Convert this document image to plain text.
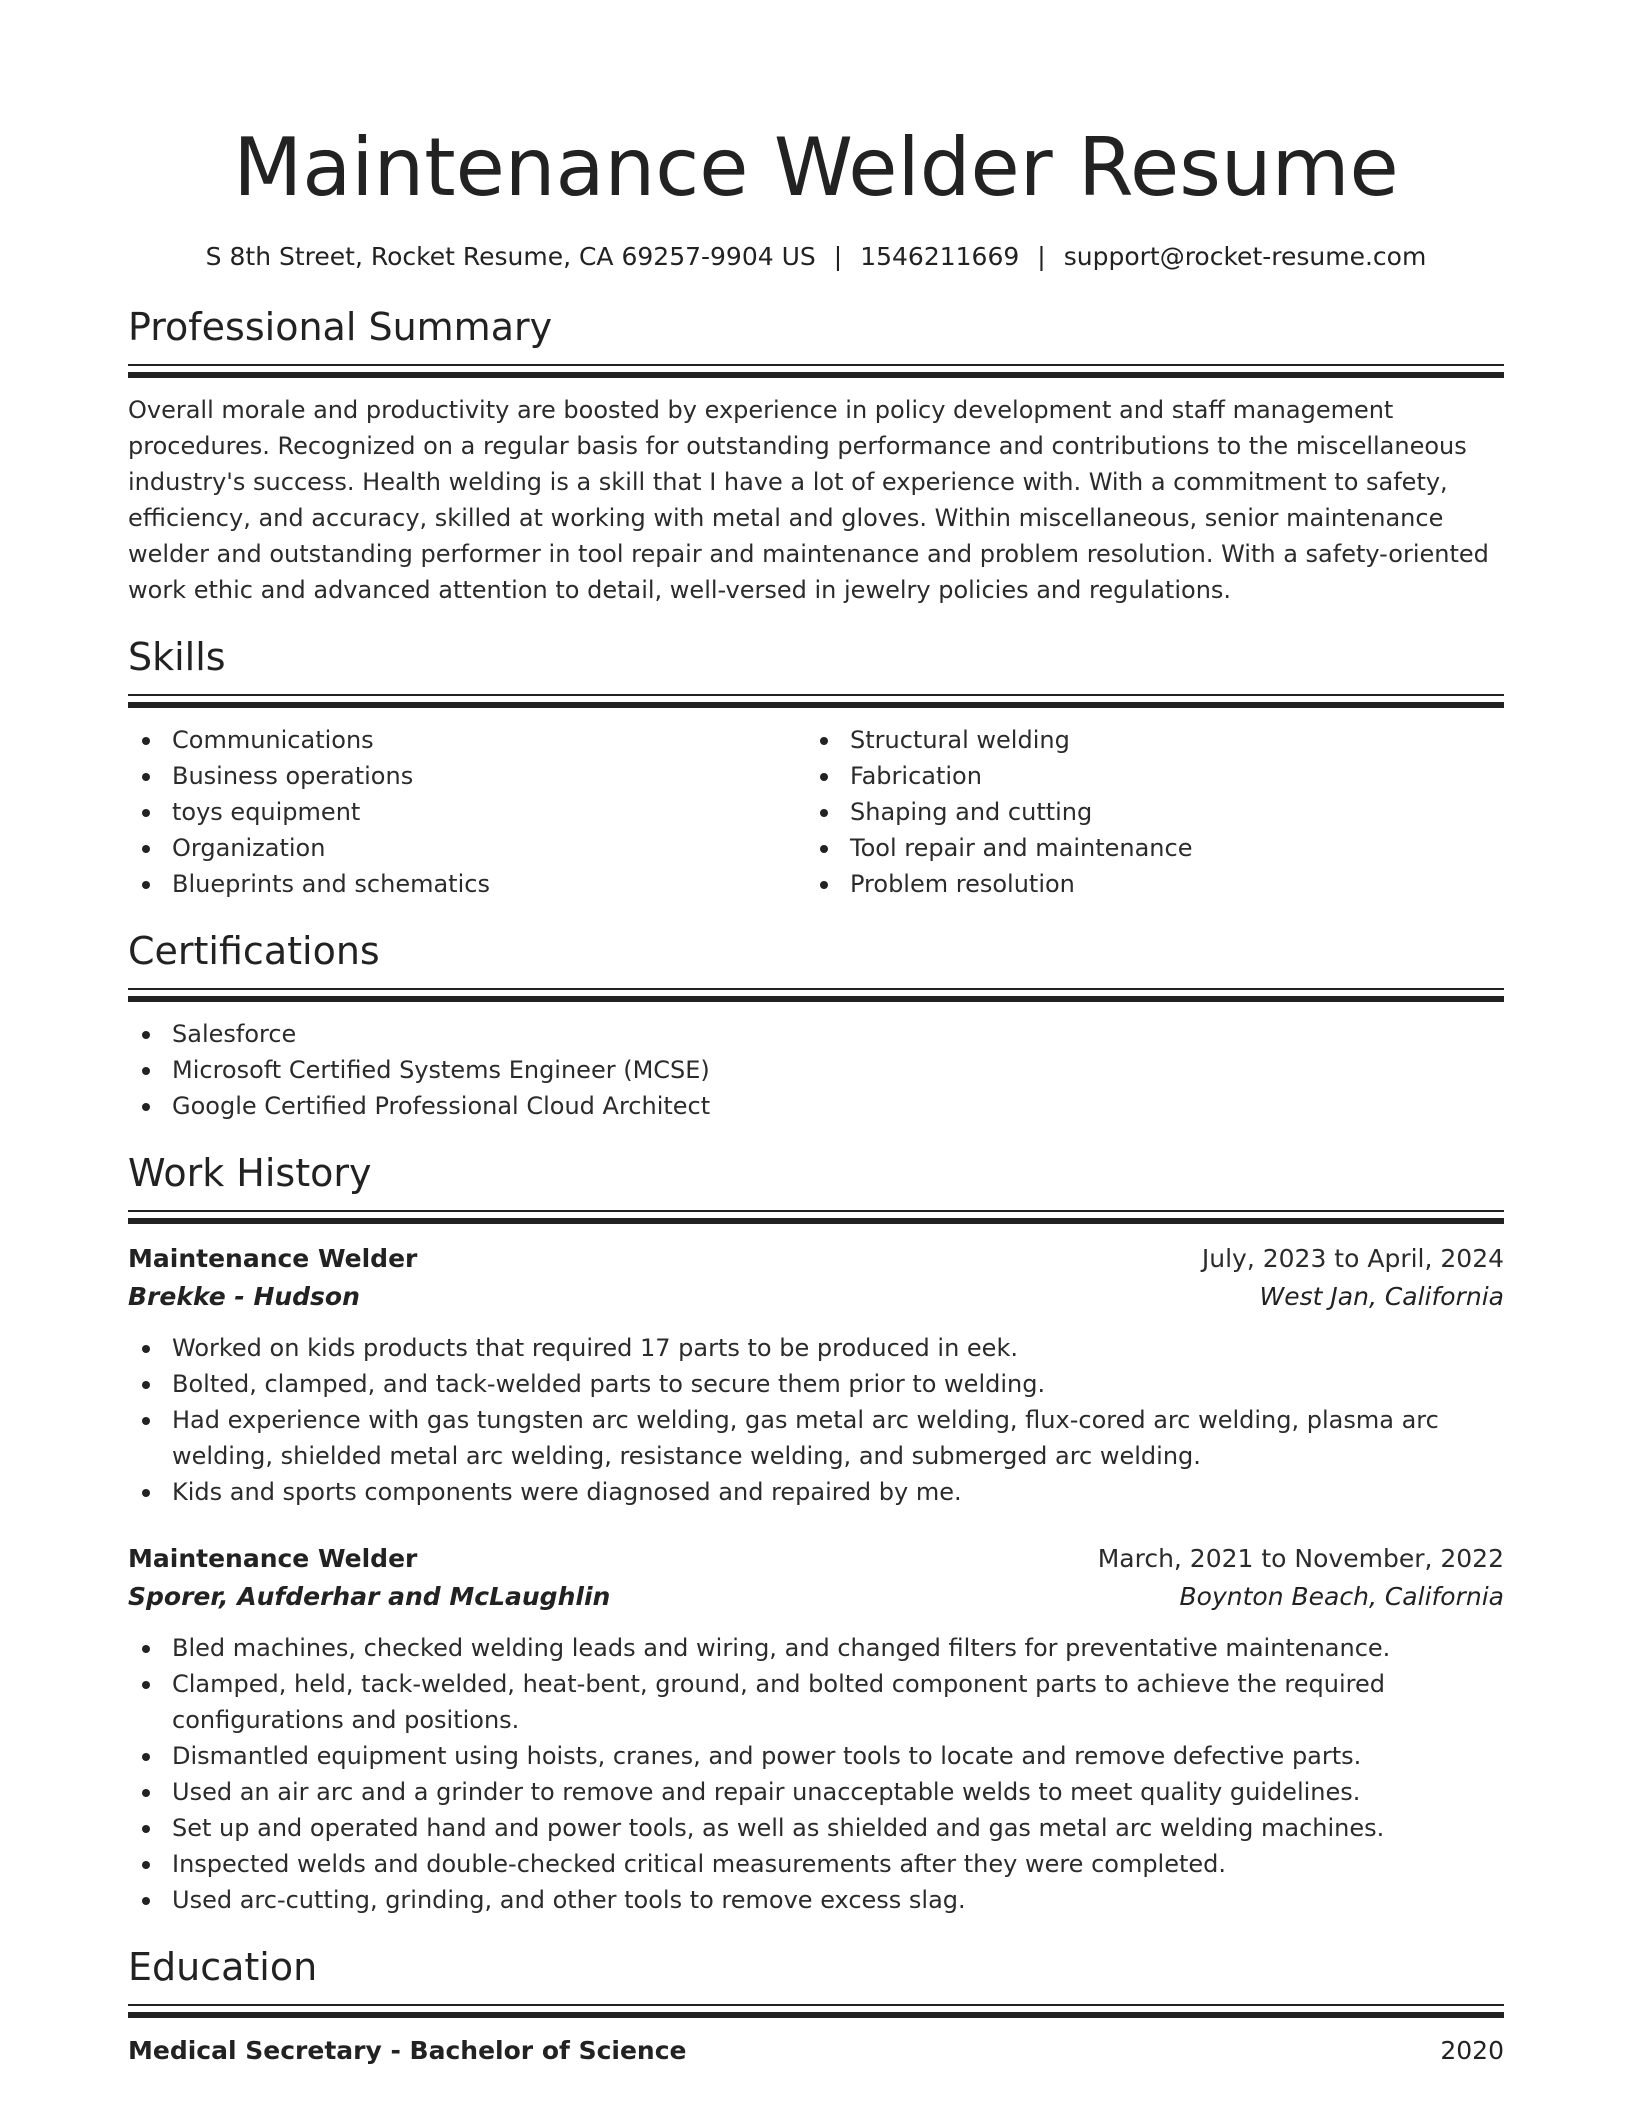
Maintenance Welder Resume
S 8th Street, Rocket Resume, CA 69257-9904 US | 1546211669 | support@rocket-resume.com
Professional Summary
Overall morale and productivity are boosted by experience in policy development and staff management procedures. Recognized on a regular basis for outstanding performance and contributions to the miscellaneous industry's success. Health welding is a skill that I have a lot of experience with. With a commitment to safety, efficiency, and accuracy, skilled at working with metal and gloves. Within miscellaneous, senior maintenance welder and outstanding performer in tool repair and maintenance and problem resolution. With a safety-oriented work ethic and advanced attention to detail, well-versed in jewelry policies and regulations.
Skills
Communications
Business operations
toys equipment
Organization
Blueprints and schematics
Structural welding
Fabrication
Shaping and cutting
Tool repair and maintenance
Problem resolution
Certifications
Salesforce
Microsoft Certified Systems Engineer (MCSE)
Google Certified Professional Cloud Architect
Work History
Maintenance Welder	July, 2023 to April, 2024
Brekke - Hudson	West Jan, California
Worked on kids products that required 17 parts to be produced in eek.
Bolted, clamped, and tack-welded parts to secure them prior to welding.
Had experience with gas tungsten arc welding, gas metal arc welding, flux-cored arc welding, plasma arc welding, shielded metal arc welding, resistance welding, and submerged arc welding.
Kids and sports components were diagnosed and repaired by me.
Maintenance Welder	March, 2021 to November, 2022
Sporer, Aufderhar and McLaughlin	Boynton Beach, California
Bled machines, checked welding leads and wiring, and changed filters for preventative maintenance.
Clamped, held, tack-welded, heat-bent, ground, and bolted component parts to achieve the required configurations and positions.
Dismantled equipment using hoists, cranes, and power tools to locate and remove defective parts.
Used an air arc and a grinder to remove and repair unacceptable welds to meet quality guidelines.
Set up and operated hand and power tools, as well as shielded and gas metal arc welding machines.
Inspected welds and double-checked critical measurements after they were completed.
Used arc-cutting, grinding, and other tools to remove excess slag.
Education
Medical Secretary - Bachelor of Science	2020
